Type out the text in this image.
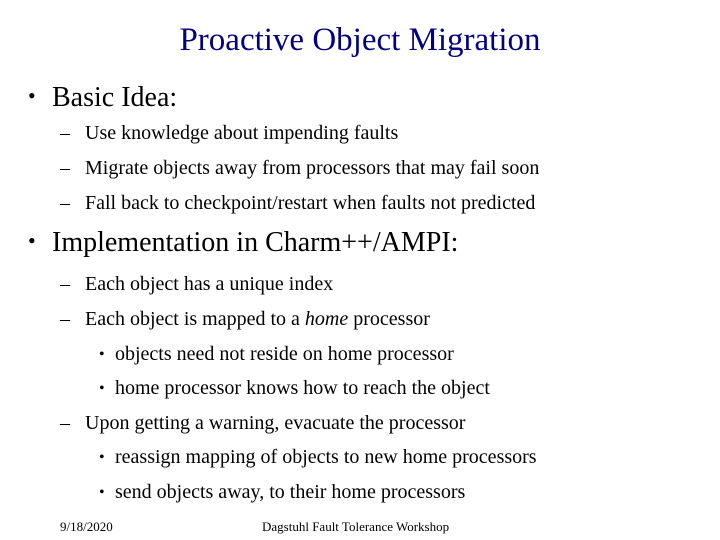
Proactive Object Migration
• Basic Idea:
– Use knowledge about impending faults
– Migrate objects away from processors that may fail soon
– Fall back to checkpoint/restart when faults not predicted
• Implementation in Charm++/AMPI:
– Each object has a unique index
– Each object is mapped to a home processor
• objects need not reside on home processor
• home processor knows how to reach the object
– Upon getting a warning, evacuate the processor
• reassign mapping of objects to new home processors
• send objects away, to their home processors
9/18/2020	Dagstuhl Fault Tolerance Workshop
